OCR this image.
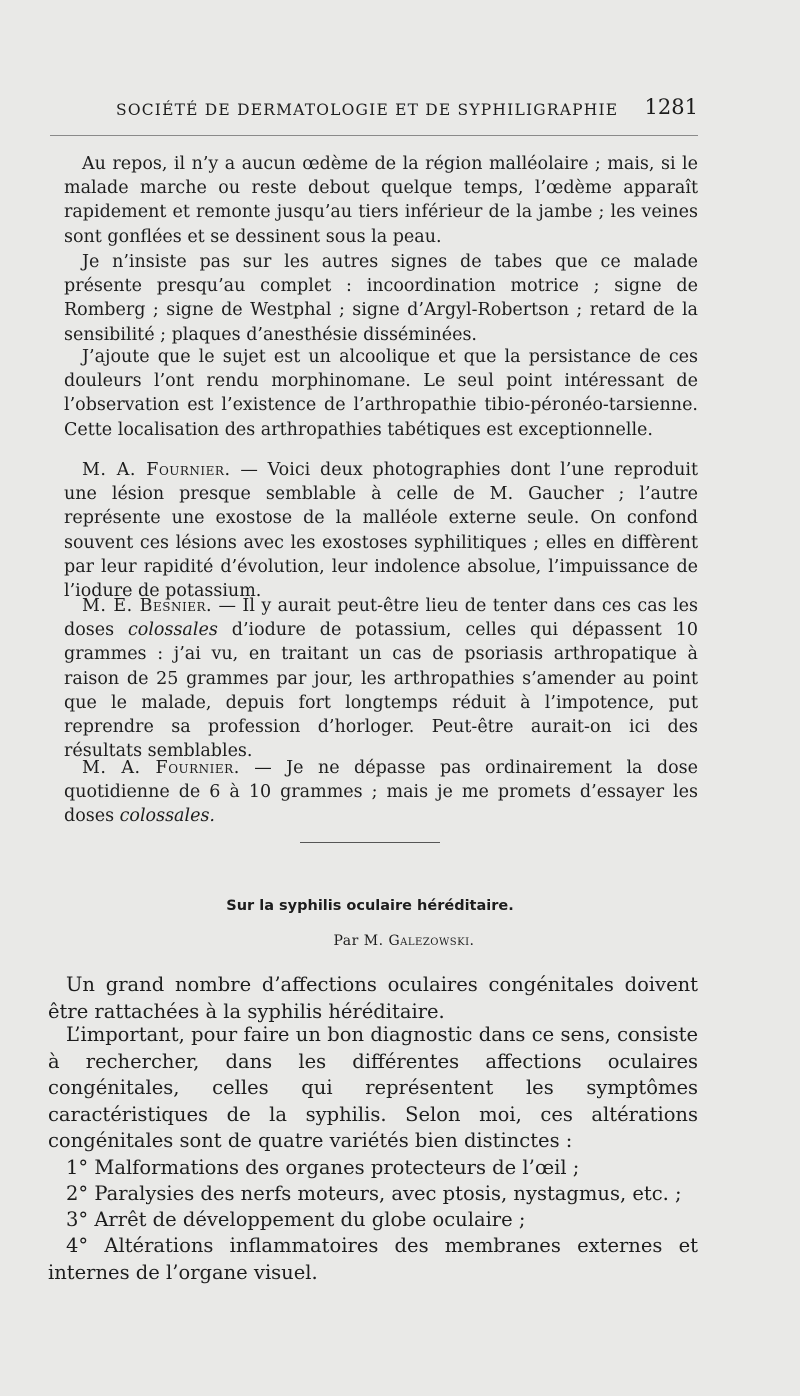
SOCIÉTÉ DE DERMATOLOGIE ET DE SYPHILIGRAPHIE 1281

Au repos, il n’y a aucun œdème de la région malléolaire ; mais, si le malade marche ou reste debout quelque temps, l’œdème apparaît rapidement et remonte jusqu’au tiers inférieur de la jambe ; les veines sont gonflées et se dessinent sous la peau.

Je n’insiste pas sur les autres signes de tabes que ce malade présente presqu’au complet : incoordination motrice ; signe de Romberg ; signe de Westphal ; signe d’Argyl-Robertson ; retard de la sensibilité ; plaques d’anesthésie disséminées.

J’ajoute que le sujet est un alcoolique et que la persistance de ces douleurs l’ont rendu morphinomane. Le seul point intéressant de l’observation est l’existence de l’arthropathie tibio-péronéo-tarsienne. Cette localisation des arthropathies tabétiques est exceptionnelle.

M. A. Fournier. — Voici deux photographies dont l’une reproduit une lésion presque semblable à celle de M. Gaucher ; l’autre représente une exostose de la malléole externe seule. On confond souvent ces lésions avec les exostoses syphilitiques ; elles en diffèrent par leur rapidité d’évolution, leur indolence absolue, l’impuissance de l’iodure de potassium.

M. E. Besnier. — Il y aurait peut-être lieu de tenter dans ces cas les doses colossales d’iodure de potassium, celles qui dépassent 10 grammes : j’ai vu, en traitant un cas de psoriasis arthropatique à raison de 25 grammes par jour, les arthropathies s’amender au point que le malade, depuis fort longtemps réduit à l’impotence, put reprendre sa profession d’horloger. Peut-être aurait-on ici des résultats semblables.

M. A. Fournier. — Je ne dépasse pas ordinairement la dose quotidienne de 6 à 10 grammes ; mais je me promets d’essayer les doses colossales.

Sur la syphilis oculaire héréditaire.
Par M. Galezowski.

Un grand nombre d’affections oculaires congénitales doivent être rattachées à la syphilis héréditaire.

L’important, pour faire un bon diagnostic dans ce sens, consiste à rechercher, dans les différentes affections oculaires congénitales, celles qui représentent les symptômes caractéristiques de la syphilis. Selon moi, ces altérations congénitales sont de quatre variétés bien distinctes :

1° Malformations des organes protecteurs de l’œil ;

2° Paralysies des nerfs moteurs, avec ptosis, nystagmus, etc. ;

3° Arrêt de développement du globe oculaire ;

4° Altérations inflammatoires des membranes externes et internes de l’organe visuel.
